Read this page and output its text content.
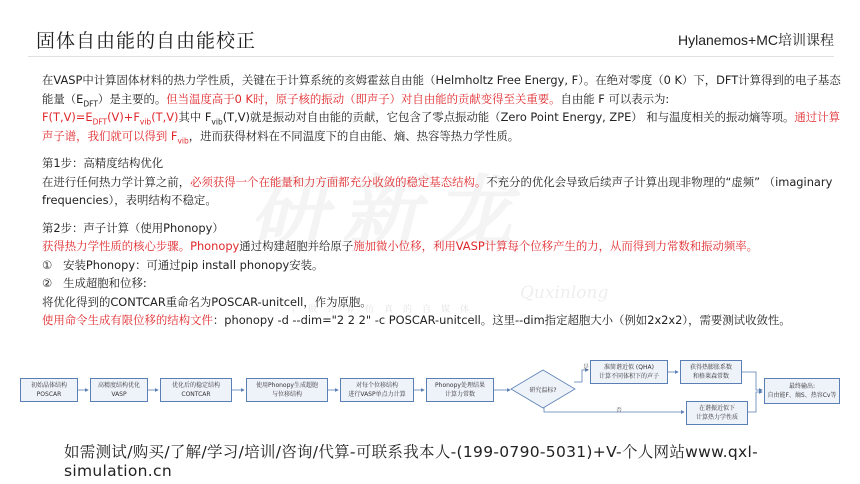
固体自由能的自由能校正	Hylanemos+MC培训课程
一个做计算仿真的自媒体
Quxinlong

在VASP中计算固体材料的热力学性质，关键在于计算系统的亥姆霍兹自由能（Helmholtz Free Energy, F）。在绝对零度（0 K）下，DFT计算得到的电子基态能量$(E_{DFT})$是主要的。但当温度高于0 K时，原子核的振动（即声子）对自由能的贡献变得至关重要。自由能 F 可以表示为:

$F(T,V)=E_{DFT}(V)+F_{vib}(T,V)$其中 $F_{vib}(T,V)$就是振动对自由能的贡献，它包含了零点振动能（Zero Point Energy, ZPE） 和与温度相关的振动熵等项。通过计算声子谱，我们就可以得到 $F_{vib}$，进而获得材料在不同温度下的自由能、熵、热容等热力学性质。

第1步：高精度结构优化

在进行任何热力学计算之前，必须获得一个在能量和力方面都充分收敛的稳定基态结构。不充分的优化会导致后续声子计算出现非物理的“虚频” （imaginary frequencies），表明结构不稳定。

第2步：声子计算（使用Phonopy）

获得热力学性质的核心步骤。Phonopy通过构建超胞并给原子施加微小位移，利用VASP计算每个位移产生的力，从而得到力常数和振动频率。

① 安装Phonopy：可通过pip install phonopy安装。

② 生成超胞和位移:

将优化得到的CONTCAR重命名为POSCAR-unitcell，作为原胞。

使用命令生成有限位移的结构文件：phonopy -d --dim="2 2 2" -c POSCAR-unitcell。这里--dim指定超胞大小（例如2x2x2），需要测试收敛性。

初始晶体结构
POSCAR
高精度结构优化
VASP
优化后的稳定结构
CONTCAR
使用Phonopy生成超胞
与位移结构
对每个位移结构
进行VASP单点力计算
Phonopy处理结果
计算力常数
研究温标?
是
否
准简谐近似 (QHA)
计算不同体积下的声子
获得热膨胀系数
和格莱森常数
在谐振近似下
计算热力学性质
最终输出:
自由能F、熵S、热容Cv等
如需测试/购买/了解/学习/培训/咨询/代算-可联系我本人-(199-0790-5031)+V-个人网站www.qxl-simulation.cn
